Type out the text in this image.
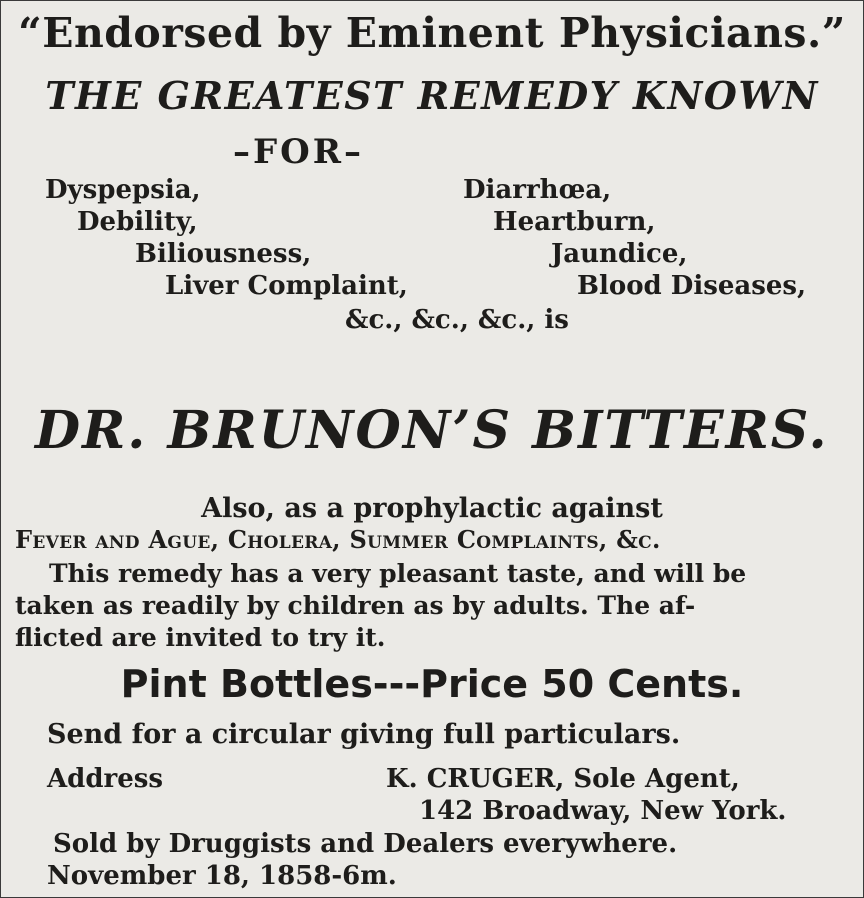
“Endorsed by Eminent Physicians.”
THE GREATEST REMEDY KNOWN
–FOR–
Dyspepsia,
Debility,
Biliousness,
Liver Complaint,
Diarrhœa,
Heartburn,
Jaundice,
Blood Diseases,
&c., &c., &c., is
DR. BRUNON’S BITTERS.
Also, as a prophylactic against
Fever and Ague, Cholera, Summer Complaints, &c.
This remedy has a very pleasant taste, and will be
taken as readily by children as by adults. The af-
flicted are invited to try it.
Pint Bottles---Price 50 Cents.
Send for a circular giving full particulars.
Address	K. CRUGER, Sole Agent,
142 Broadway, New York.
Sold by Druggists and Dealers everywhere.
November 18, 1858-6m.
